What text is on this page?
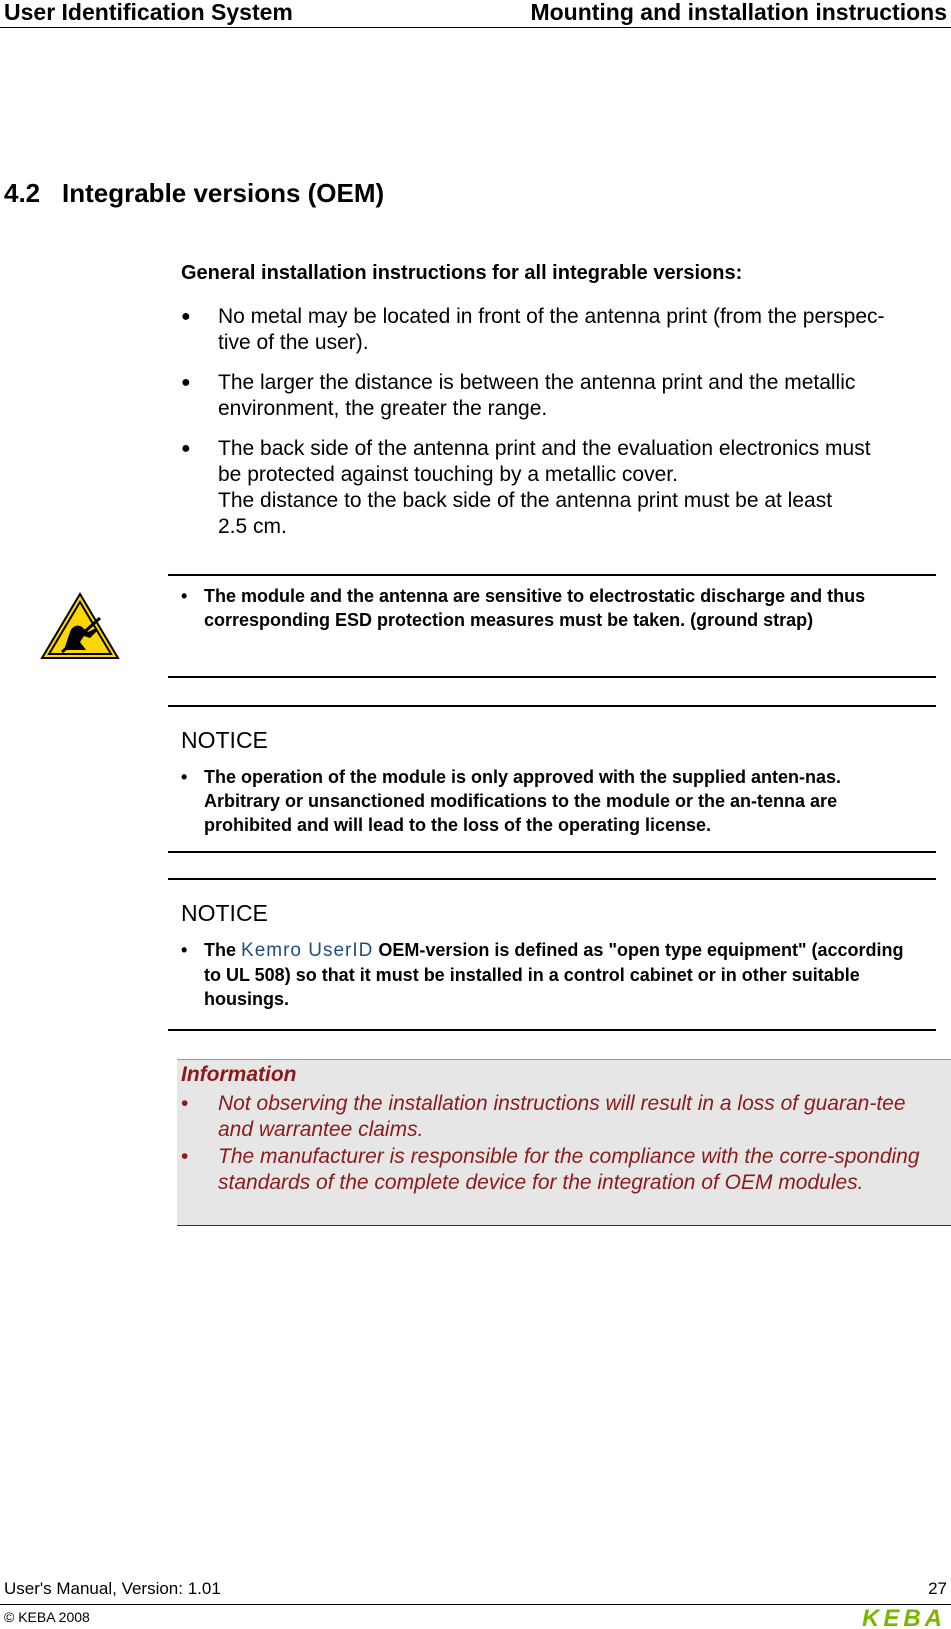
User Identification System	Mounting and installation instructions
4.2 Integrable versions (OEM)
General installation instructions for all integrable versions:
● No metal may be located in front of the antenna print (from the perspec-
tive of the user).

● The larger the distance is between the antenna print and the metallic
environment, the greater the range.

● The back side of the antenna print and the evaluation electronics must
be protected against touching by a metallic cover.
The distance to the back side of the antenna print must be at least
2.5 cm.

• The module and the antenna are sensitive to electrostatic discharge and thus corresponding ESD protection measures must be taken. (ground strap)
NOTICE
• The operation of the module is only approved with the supplied anten-nas. Arbitrary or unsanctioned modifications to the module or the an-tenna are prohibited and will lead to the loss of the operating license.
NOTICE
• The Kemro UserID OEM-version is defined as "open type equipment" (according to UL 508) so that it must be installed in a control cabinet or in other suitable housings.
Information
• Not observing the installation instructions will result in a loss of guaran-tee and warrantee claims.
• The manufacturer is responsible for the compliance with the corre-sponding standards of the complete device for the integration of OEM modules.
User's Manual, Version: 1.01	27
© KEBA 2008	KEBA
